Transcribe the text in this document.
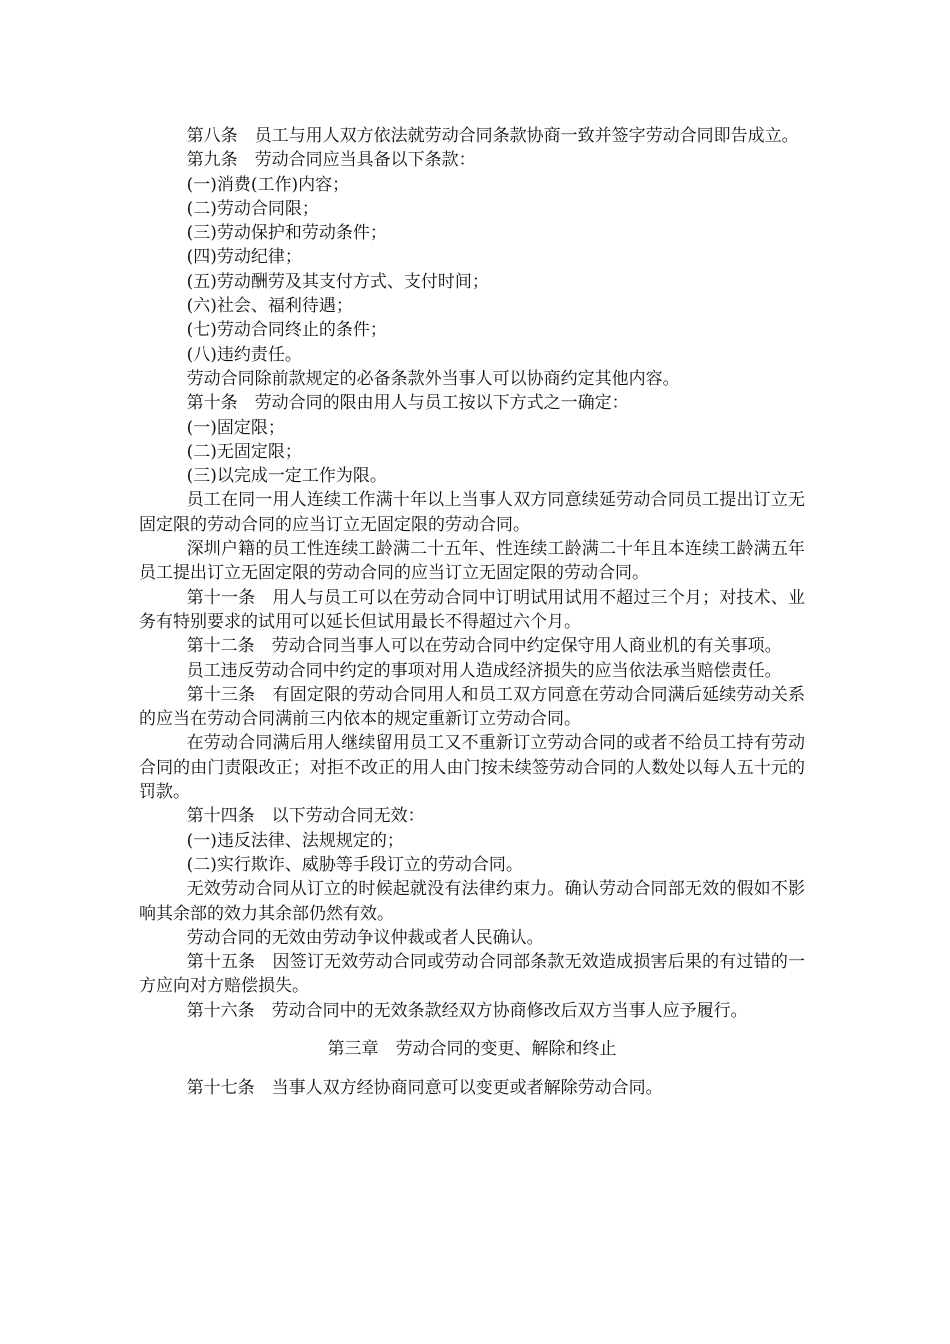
第八条　员工与用人双方依法就劳动合同条款协商一致并签字劳动合同即告成立。

第九条　劳动合同应当具备以下条款：

(一)消费(工作)内容；

(二)劳动合同限；

(三)劳动保护和劳动条件；

(四)劳动纪律；

(五)劳动酬劳及其支付方式、支付时间；

(六)社会、福利待遇；

(七)劳动合同终止的条件；

(八)违约责任。

劳动合同除前款规定的必备条款外当事人可以协商约定其他内容。

第十条　劳动合同的限由用人与员工按以下方式之一确定：

(一)固定限；

(二)无固定限；

(三)以完成一定工作为限。

员工在同一用人连续工作满十年以上当事人双方同意续延劳动合同员工提出订立无固定限的劳动合同的应当订立无固定限的劳动合同。

深圳户籍的员工性连续工龄满二十五年、性连续工龄满二十年且本连续工龄满五年员工提出订立无固定限的劳动合同的应当订立无固定限的劳动合同。

第十一条　用人与员工可以在劳动合同中订明试用试用不超过三个月；对技术、业务有特别要求的试用可以延长但试用最长不得超过六个月。

第十二条　劳动合同当事人可以在劳动合同中约定保守用人商业机的有关事项。

员工违反劳动合同中约定的事项对用人造成经济损失的应当依法承当赔偿责任。

第十三条　有固定限的劳动合同用人和员工双方同意在劳动合同满后延续劳动关系的应当在劳动合同满前三内依本的规定重新订立劳动合同。

在劳动合同满后用人继续留用员工又不重新订立劳动合同的或者不给员工持有劳动合同的由门责限改正；对拒不改正的用人由门按未续签劳动合同的人数处以每人五十元的罚款。

第十四条　以下劳动合同无效：

(一)违反法律、法规规定的；

(二)实行欺诈、威胁等手段订立的劳动合同。

无效劳动合同从订立的时候起就没有法律约束力。确认劳动合同部无效的假如不影响其余部的效力其余部仍然有效。

劳动合同的无效由劳动争议仲裁或者人民确认。

第十五条　因签订无效劳动合同或劳动合同部条款无效造成损害后果的有过错的一方应向对方赔偿损失。

第十六条　劳动合同中的无效条款经双方协商修改后双方当事人应予履行。

第三章　劳动合同的变更、解除和终止

第十七条　当事人双方经协商同意可以变更或者解除劳动合同。
